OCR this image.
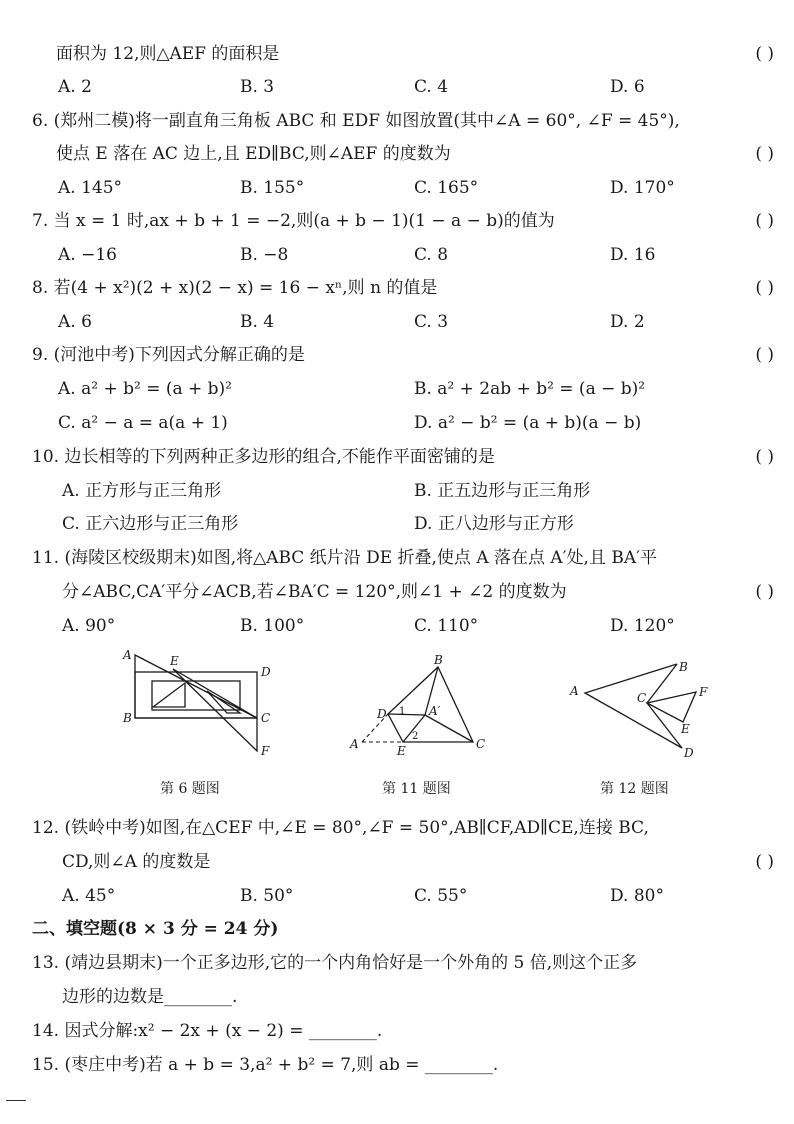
面积为 12,则△AEF 的面积是	( )
A. 2	B. 3	C. 4	D. 6
6. (郑州二模)将一副直角三角板 ABC 和 EDF 如图放置(其中∠A = 60°, ∠F = 45°),
使点 E 落在 AC 边上,且 ED∥BC,则∠AEF 的度数为	( )
A. 145°	B. 155°	C. 165°	D. 170°
7. 当 x = 1 时,ax + b + 1 = −2,则(a + b − 1)(1 − a − b)的值为	( )
A. −16	B. −8	C. 8	D. 16
8. 若(4 + x²)(2 + x)(2 − x) = 16 − xⁿ,则 n 的值是	( )
A. 6	B. 4	C. 3	D. 2
9. (河池中考)下列因式分解正确的是	( )
A. a² + b² = (a + b)²	B. a² + 2ab + b² = (a − b)²
C. a² − a = a(a + 1)	D. a² − b² = (a + b)(a − b)
10. 边长相等的下列两种正多边形的组合,不能作平面密铺的是	( )
A. 正方形与正三角形	B. 正五边形与正三角形
C. 正六边形与正三角形	D. 正八边形与正方形
11. (海陵区校级期末)如图,将△ABC 纸片沿 DE 折叠,使点 A 落在点 A′处,且 BA′平
分∠ABC,CA′平分∠ACB,若∠BA′C = 120°,则∠1 + ∠2 的度数为	( )
A. 90°	B. 100°	C. 110°	D. 120°
A	E
D
B	C
F
第 6 题图
B
D 1 A′
A	E
2
C
第 11 题图
B
A	C	F
E
D
第 12 题图
12. (铁岭中考)如图,在△CEF 中,∠E = 80°,∠F = 50°,AB∥CF,AD∥CE,连接 BC,
CD,则∠A 的度数是	( )
A. 45°	B. 50°	C. 55°	D. 80°
二、填空题(8 × 3 分 = 24 分)
13. (靖边县期末)一个正多边形,它的一个内角恰好是一个外角的 5 倍,则这个正多
边形的边数是________.
14. 因式分解:x² − 2x + (x − 2) = ________.
15. (枣庄中考)若 a + b = 3,a² + b² = 7,则 ab = ________.
